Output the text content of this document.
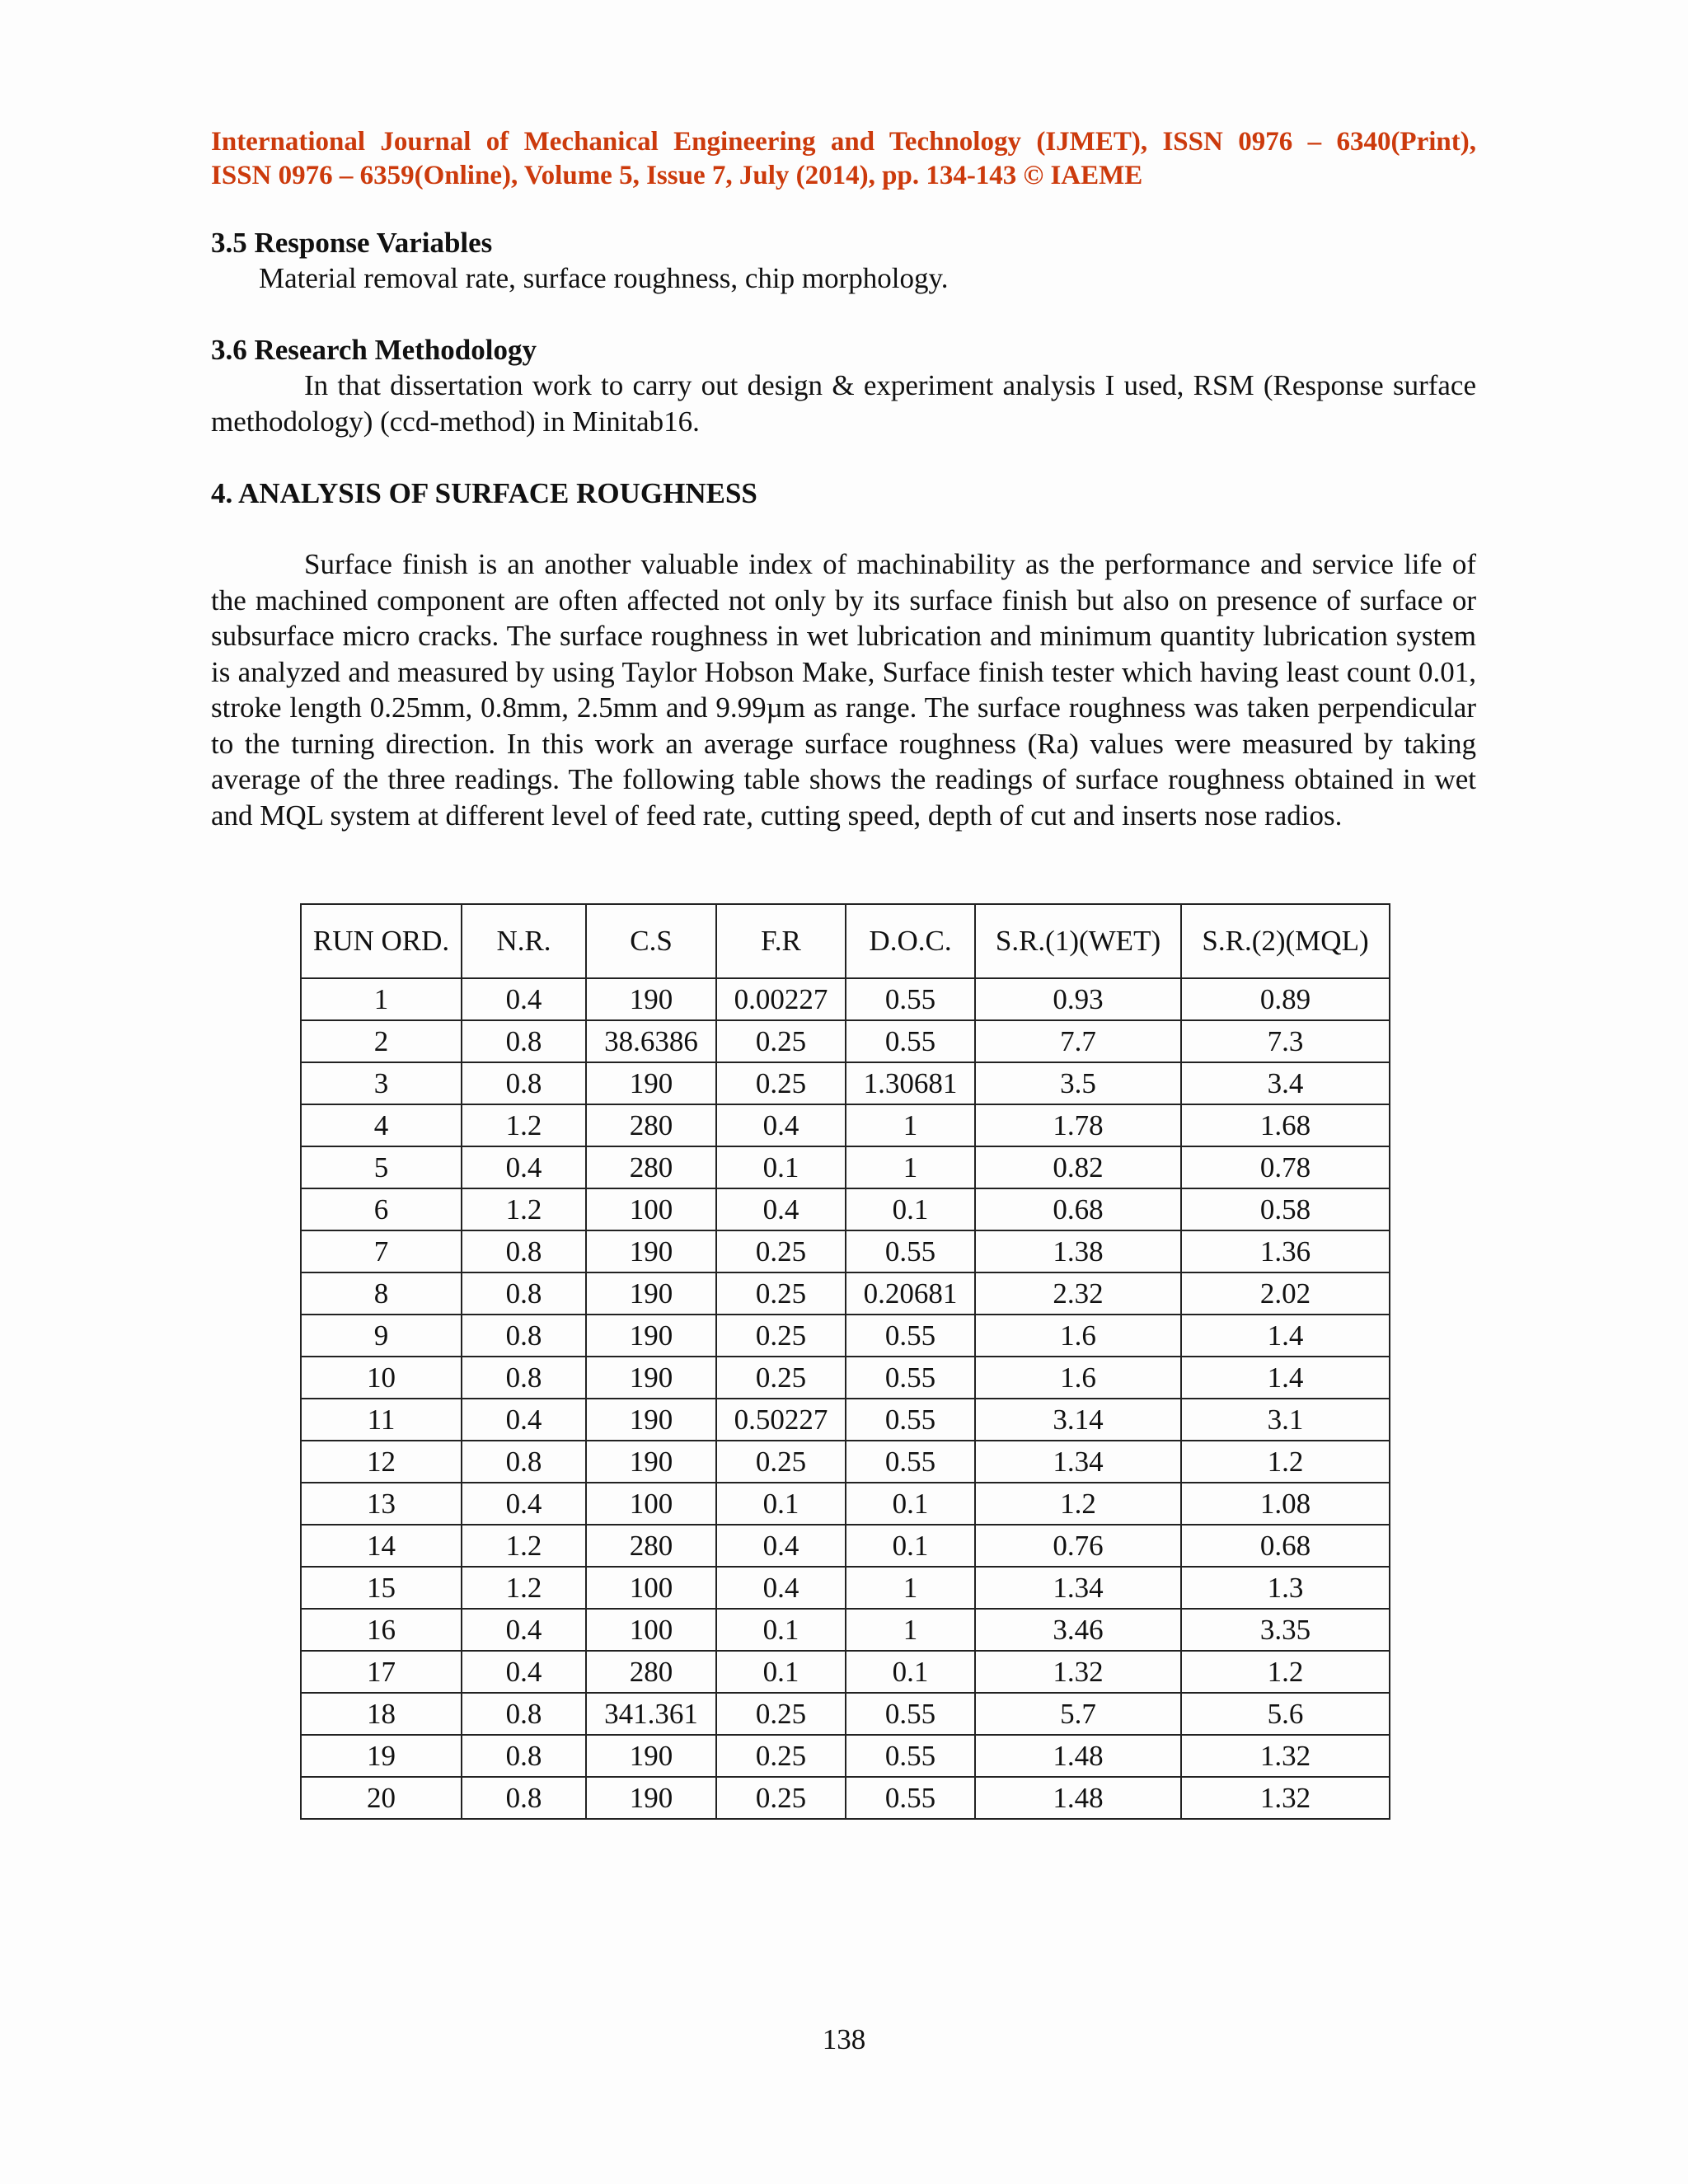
International Journal of Mechanical Engineering and Technology (IJMET), ISSN 0976 – 6340(Print),
ISSN 0976 – 6359(Online), Volume 5, Issue 7, July (2014), pp. 134-143 © IAEME
3.5 Response Variables
Material removal rate, surface roughness, chip morphology.
3.6 Research Methodology
In that dissertation work to carry out design & experiment analysis I used, RSM (Response surface methodology) (ccd-method) in Minitab16.
4. ANALYSIS OF SURFACE ROUGHNESS
Surface finish is an another valuable index of machinability as the performance and service life of the machined component are often affected not only by its surface finish but also on presence of surface or subsurface micro cracks. The surface roughness in wet lubrication and minimum quantity lubrication system is analyzed and measured by using Taylor Hobson Make, Surface finish tester which having least count 0.01, stroke length 0.25mm, 0.8mm, 2.5mm and 9.99µm as range. The surface roughness was taken perpendicular to the turning direction. In this work an average surface roughness (Ra) values were measured by taking average of the three readings. The following table shows the readings of surface roughness obtained in wet and MQL system at different level of feed rate, cutting speed, depth of cut and inserts nose radios.
RUN ORD.	N.R.	C.S	F.R	D.O.C.	S.R.(1)(WET)	S.R.(2)(MQL)
1	0.4	190	0.00227	0.55	0.93	0.89
2	0.8	38.6386	0.25	0.55	7.7	7.3
3	0.8	190	0.25	1.30681	3.5	3.4
4	1.2	280	0.4	1	1.78	1.68
5	0.4	280	0.1	1	0.82	0.78
6	1.2	100	0.4	0.1	0.68	0.58
7	0.8	190	0.25	0.55	1.38	1.36
8	0.8	190	0.25	0.20681	2.32	2.02
9	0.8	190	0.25	0.55	1.6	1.4
10	0.8	190	0.25	0.55	1.6	1.4
11	0.4	190	0.50227	0.55	3.14	3.1
12	0.8	190	0.25	0.55	1.34	1.2
13	0.4	100	0.1	0.1	1.2	1.08
14	1.2	280	0.4	0.1	0.76	0.68
15	1.2	100	0.4	1	1.34	1.3
16	0.4	100	0.1	1	3.46	3.35
17	0.4	280	0.1	0.1	1.32	1.2
18	0.8	341.361	0.25	0.55	5.7	5.6
19	0.8	190	0.25	0.55	1.48	1.32
20	0.8	190	0.25	0.55	1.48	1.32
138
